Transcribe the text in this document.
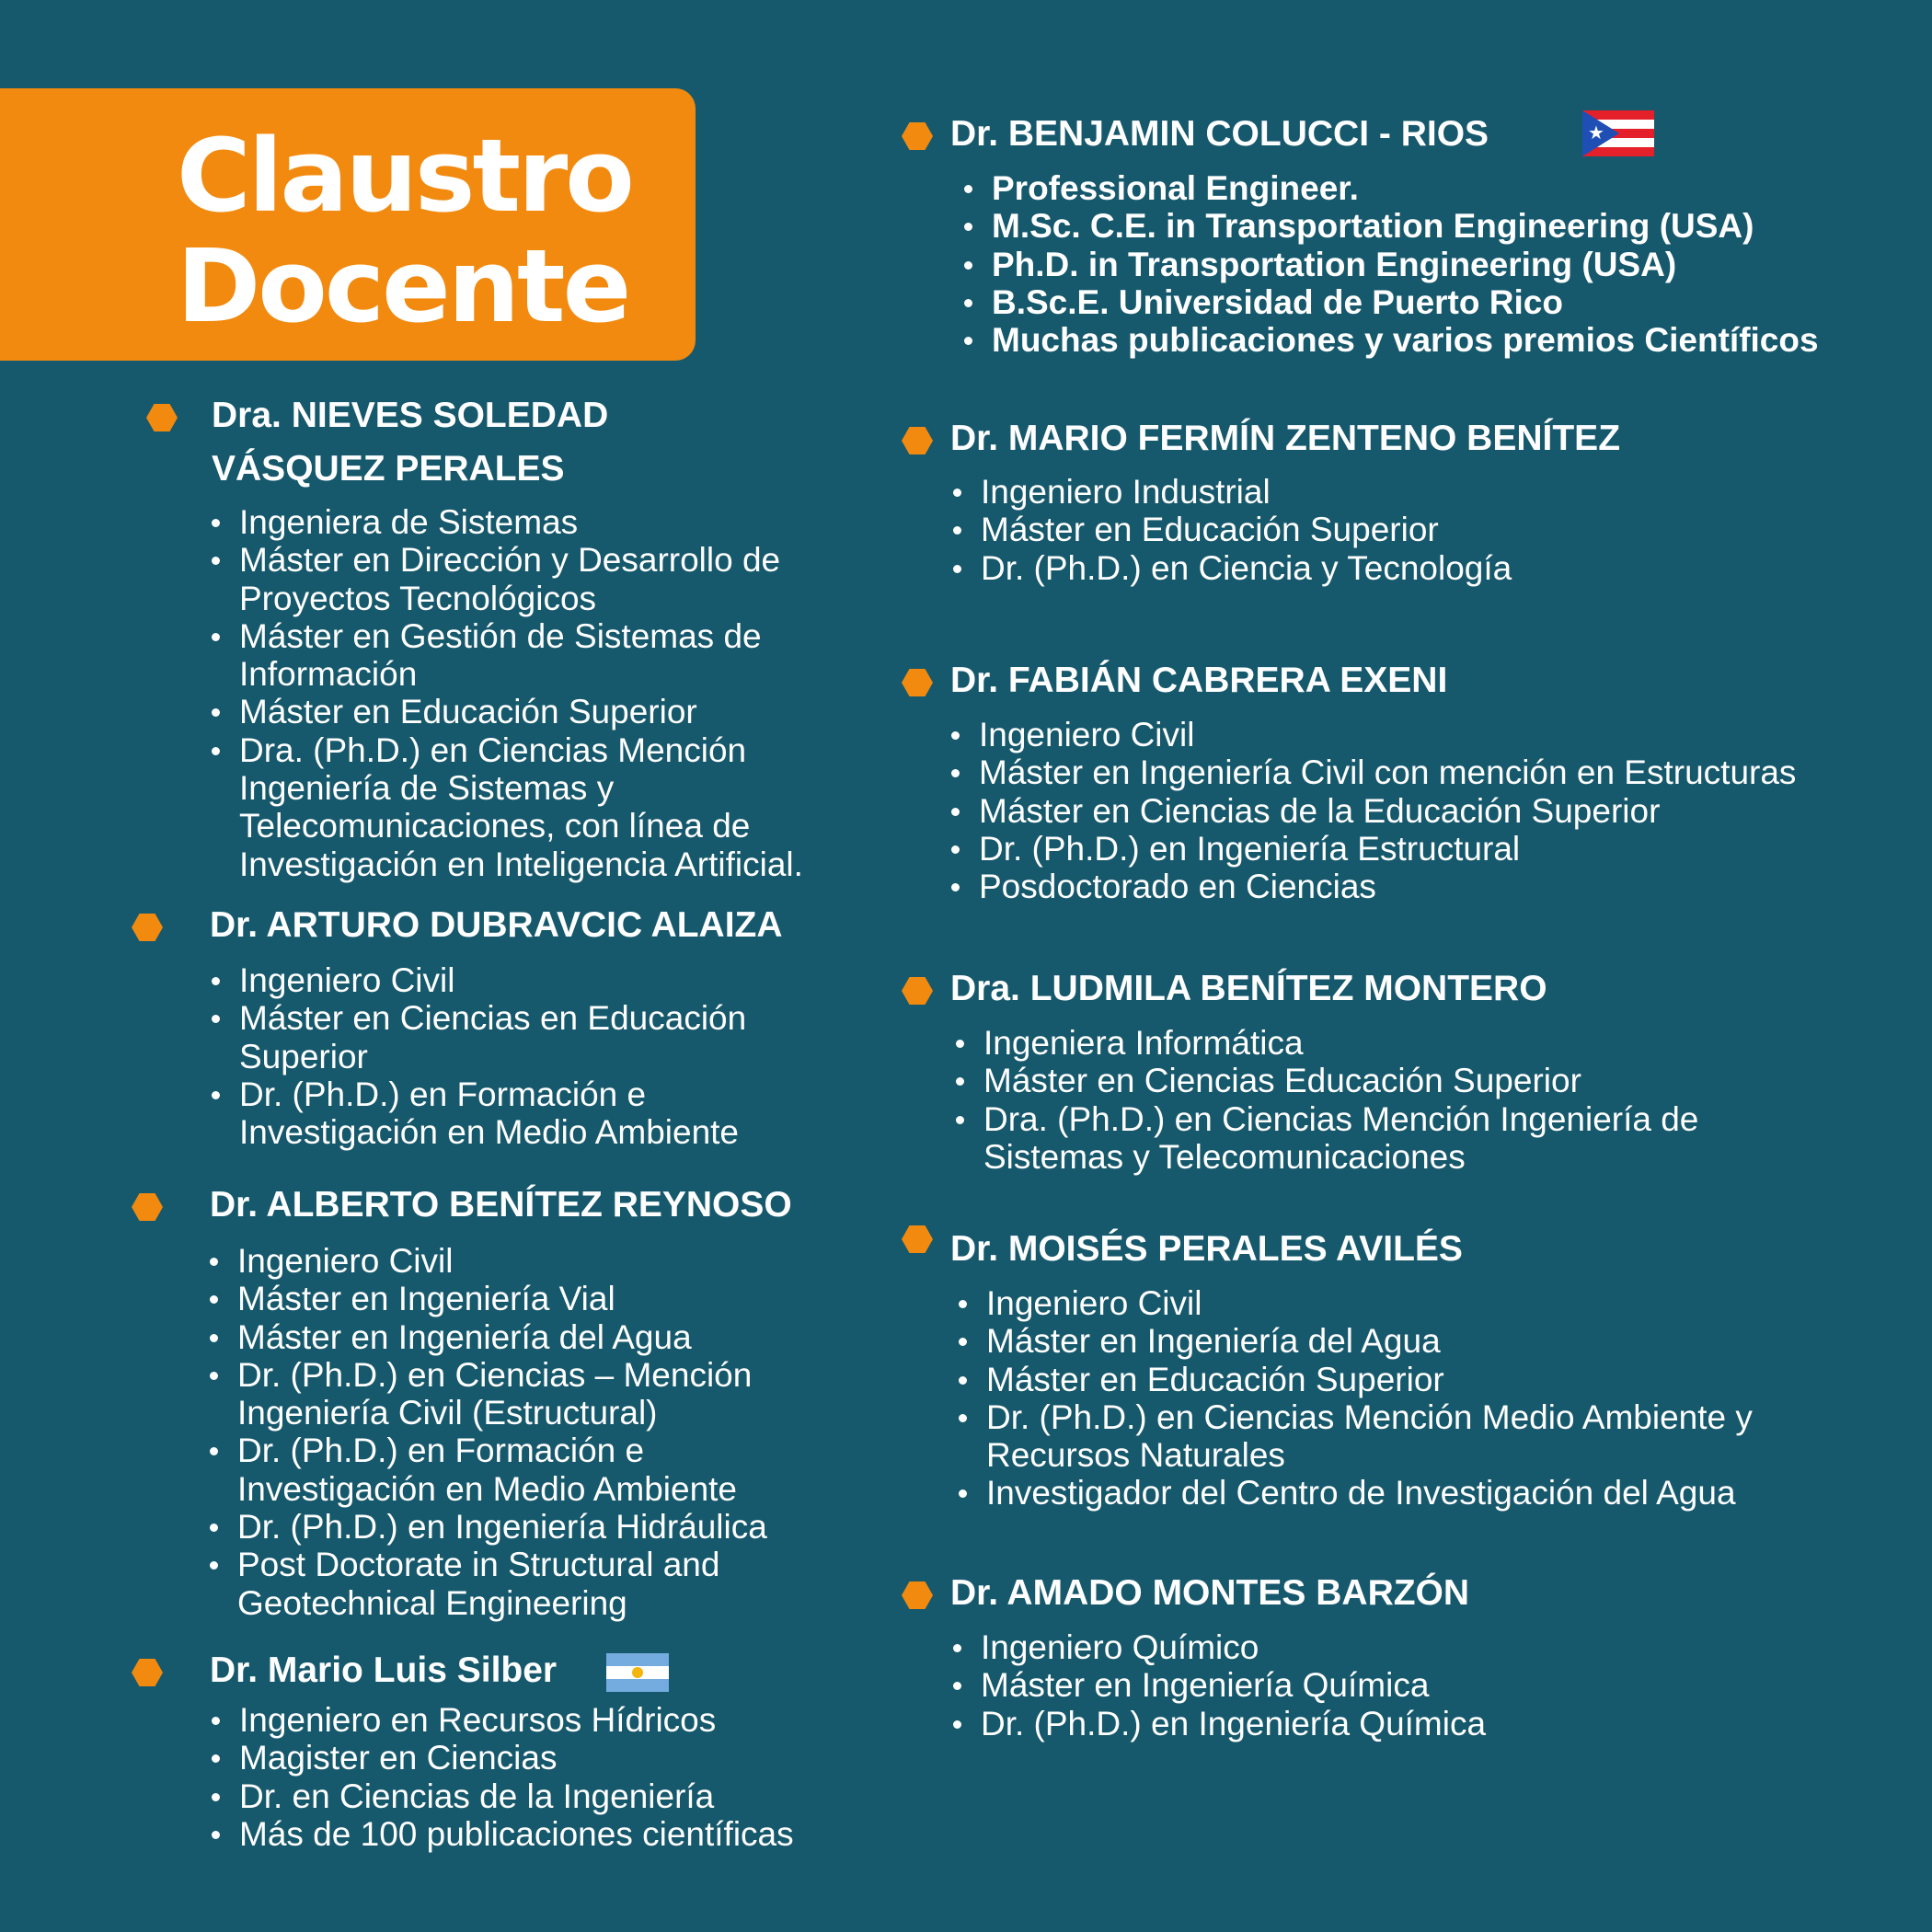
Claustro
Docente
Dra. NIEVES SOLEDAD
VÁSQUEZ PERALES
Ingeniera de Sistemas
Máster en Dirección y Desarrollo de
Proyectos Tecnológicos
Máster en Gestión de Sistemas de
Información
Máster en Educación Superior
Dra. (Ph.D.) en Ciencias Mención
Ingeniería de Sistemas y
Telecomunicaciones, con línea de
Investigación en Inteligencia Artificial.
Dr. ARTURO DUBRAVCIC ALAIZA
Ingeniero Civil
Máster en Ciencias en Educación
Superior
Dr. (Ph.D.) en Formación e
Investigación en Medio Ambiente
Dr. ALBERTO BENÍTEZ REYNOSO
Ingeniero Civil
Máster en Ingeniería Vial
Máster en Ingeniería del Agua
Dr. (Ph.D.) en Ciencias – Mención
Ingeniería Civil (Estructural)
Dr. (Ph.D.) en Formación e
Investigación en Medio Ambiente
Dr. (Ph.D.) en Ingeniería Hidráulica
Post Doctorate in Structural and
Geotechnical Engineering
Dr. Mario Luis Silber
Ingeniero en Recursos Hídricos
Magister en Ciencias
Dr. en Ciencias de la Ingeniería
Más de 100 publicaciones científicas
Dr. BENJAMIN COLUCCI - RIOS	★
Professional Engineer.
M.Sc. C.E. in Transportation Engineering (USA)
Ph.D. in Transportation Engineering (USA)
B.Sc.E. Universidad de Puerto Rico
Muchas publicaciones y varios premios Científicos
Dr. MARIO FERMÍN ZENTENO BENÍTEZ
Ingeniero Industrial
Máster en Educación Superior
Dr. (Ph.D.) en Ciencia y Tecnología
Dr. FABIÁN CABRERA EXENI
Ingeniero Civil
Máster en Ingeniería Civil con mención en Estructuras
Máster en Ciencias de la Educación Superior
Dr. (Ph.D.) en Ingeniería Estructural
Posdoctorado en Ciencias
Dra. LUDMILA BENÍTEZ MONTERO
Ingeniera Informática
Máster en Ciencias Educación Superior
Dra. (Ph.D.) en Ciencias Mención Ingeniería de
Sistemas y Telecomunicaciones
Dr. MOISÉS PERALES AVILÉS
Ingeniero Civil
Máster en Ingeniería del Agua
Máster en Educación Superior
Dr. (Ph.D.) en Ciencias Mención Medio Ambiente y
Recursos Naturales
Investigador del Centro de Investigación del Agua
Dr. AMADO MONTES BARZÓN
Ingeniero Químico
Máster en Ingeniería Química
Dr. (Ph.D.) en Ingeniería Química
